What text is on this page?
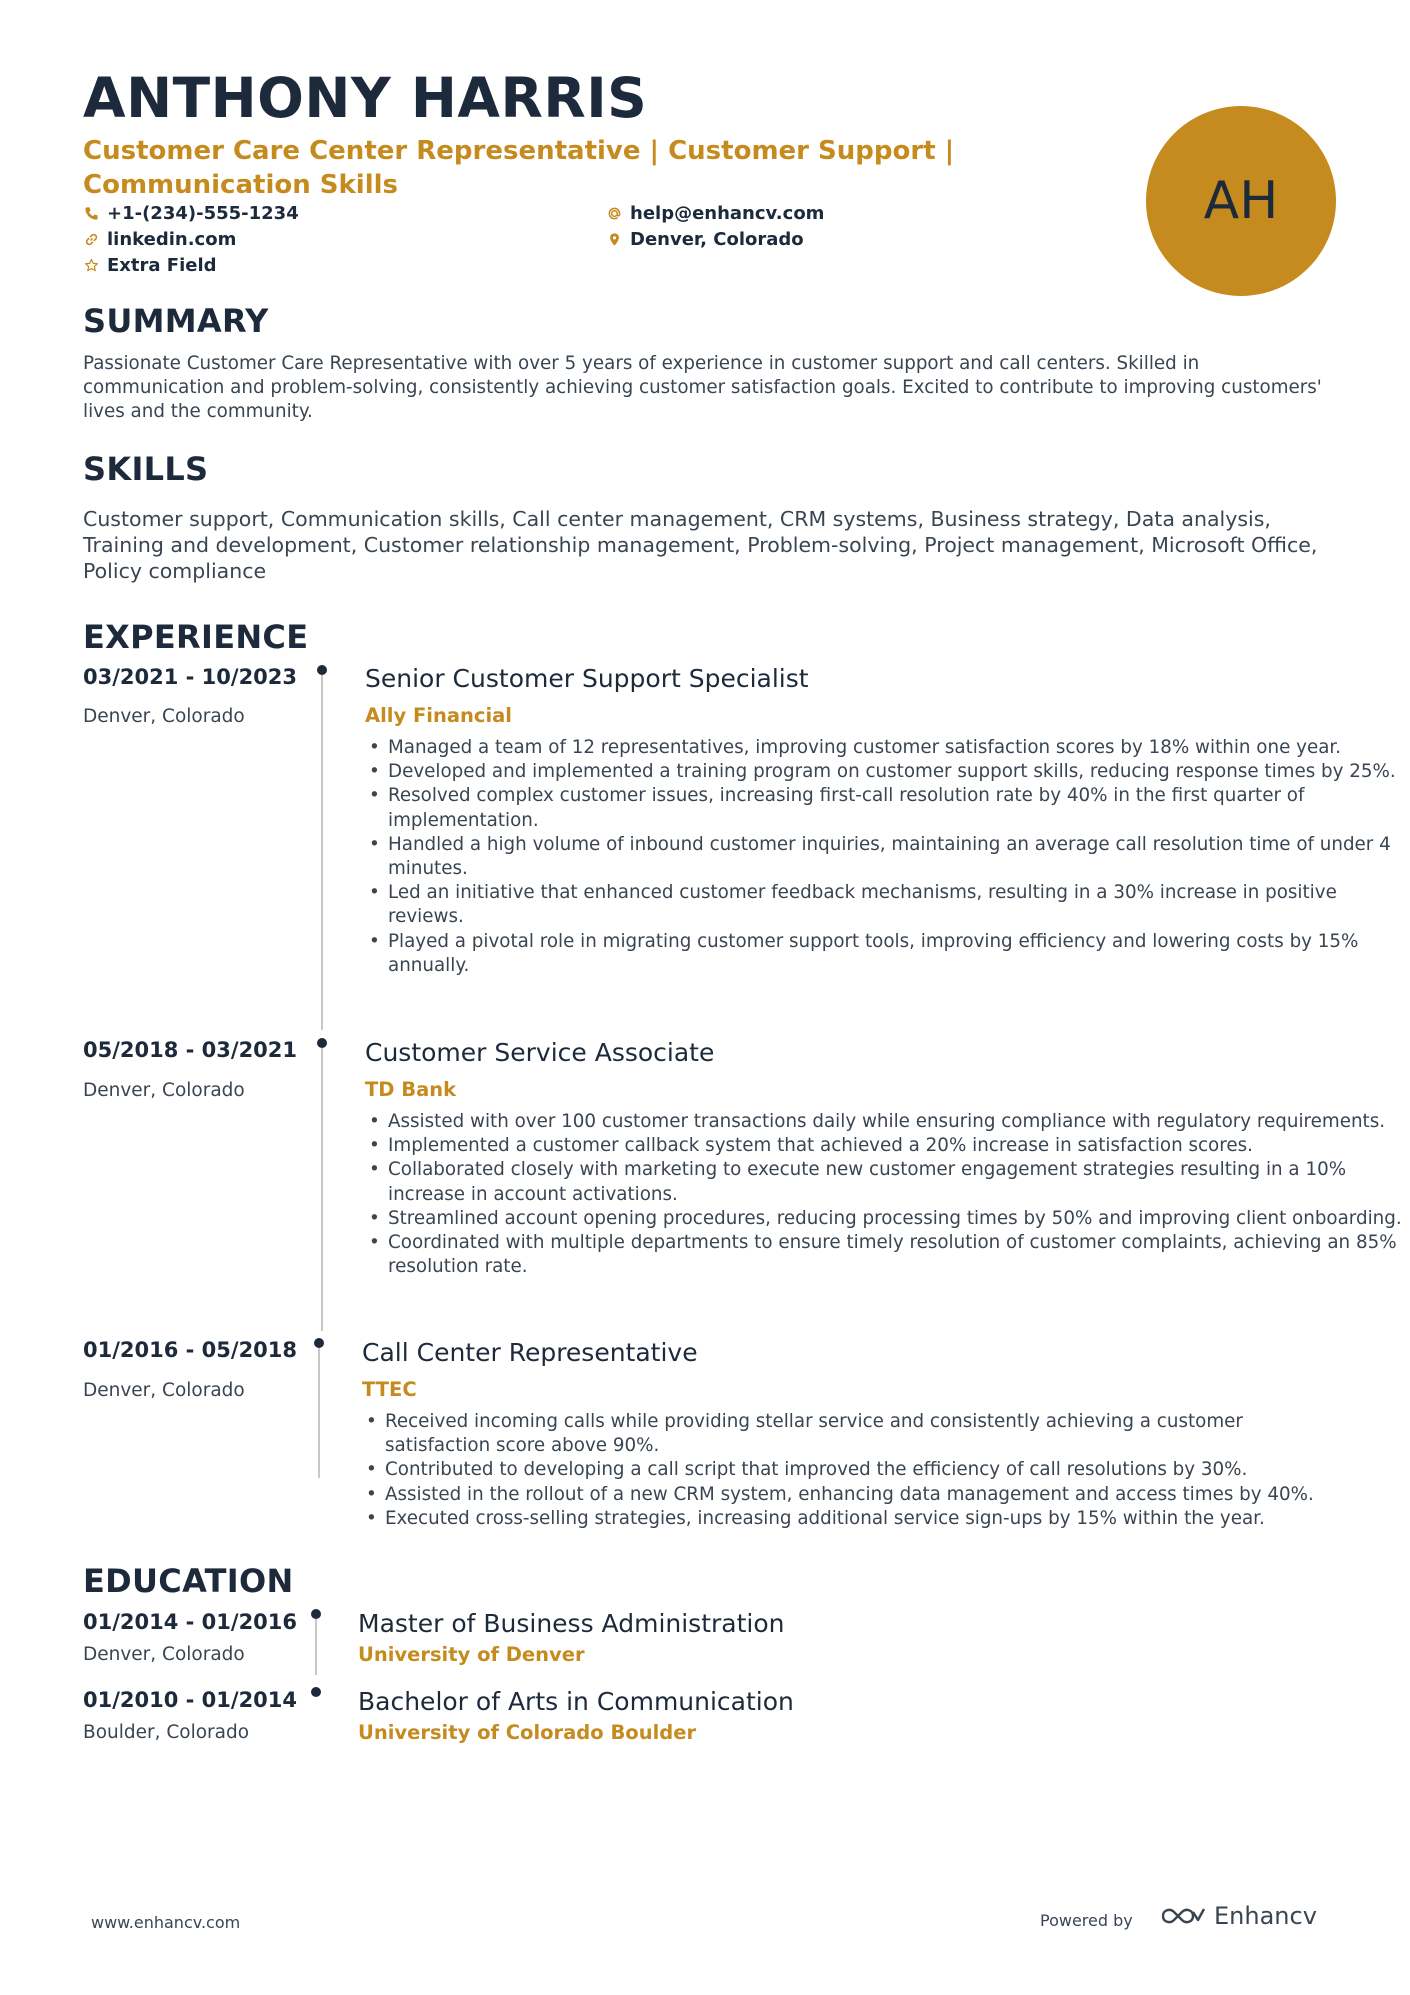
ANTHONY HARRIS
Customer Care Center Representative | Customer Support | Communication Skills	AH
+1-(234)-555-1234	help@enhancv.com
linkedin.com	Denver, Colorado
Extra Field
SUMMARY
Passionate Customer Care Representative with over 5 years of experience in customer support and call centers. Skilled in communication and problem-solving, consistently achieving customer satisfaction goals. Excited to contribute to improving customers' lives and the community.
SKILLS
Customer support, Communication skills, Call center management, CRM systems, Business strategy, Data analysis, Training and development, Customer relationship management, Problem-solving, Project management, Microsoft Office, Policy compliance
EXPERIENCE
03/2021 - 10/2023
Denver, Colorado
Senior Customer Support Specialist
Ally Financial
• Managed a team of 12 representatives, improving customer satisfaction scores by 18% within one year.
• Developed and implemented a training program on customer support skills, reducing response times by 25%.
• Resolved complex customer issues, increasing first-call resolution rate by 40% in the first quarter of implementation.
• Handled a high volume of inbound customer inquiries, maintaining an average call resolution time of under 4 minutes.
• Led an initiative that enhanced customer feedback mechanisms, resulting in a 30% increase in positive reviews.
• Played a pivotal role in migrating customer support tools, improving efficiency and lowering costs by 15% annually.
05/2018 - 03/2021
Denver, Colorado
Customer Service Associate
TD Bank
• Assisted with over 100 customer transactions daily while ensuring compliance with regulatory requirements.
• Implemented a customer callback system that achieved a 20% increase in satisfaction scores.
• Collaborated closely with marketing to execute new customer engagement strategies resulting in a 10% increase in account activations.
• Streamlined account opening procedures, reducing processing times by 50% and improving client onboarding.
• Coordinated with multiple departments to ensure timely resolution of customer complaints, achieving an 85% resolution rate.
01/2016 - 05/2018
Denver, Colorado
Call Center Representative
TTEC
• Received incoming calls while providing stellar service and consistently achieving a customer satisfaction score above 90%.
• Contributed to developing a call script that improved the efficiency of call resolutions by 30%.
• Assisted in the rollout of a new CRM system, enhancing data management and access times by 40%.
• Executed cross-selling strategies, increasing additional service sign-ups by 15% within the year.
EDUCATION
01/2014 - 01/2016
Denver, Colorado
Master of Business Administration
University of Denver
01/2010 - 01/2014
Boulder, Colorado
Bachelor of Arts in Communication
University of Colorado Boulder
www.enhancv.com	Powered by	Enhancv
